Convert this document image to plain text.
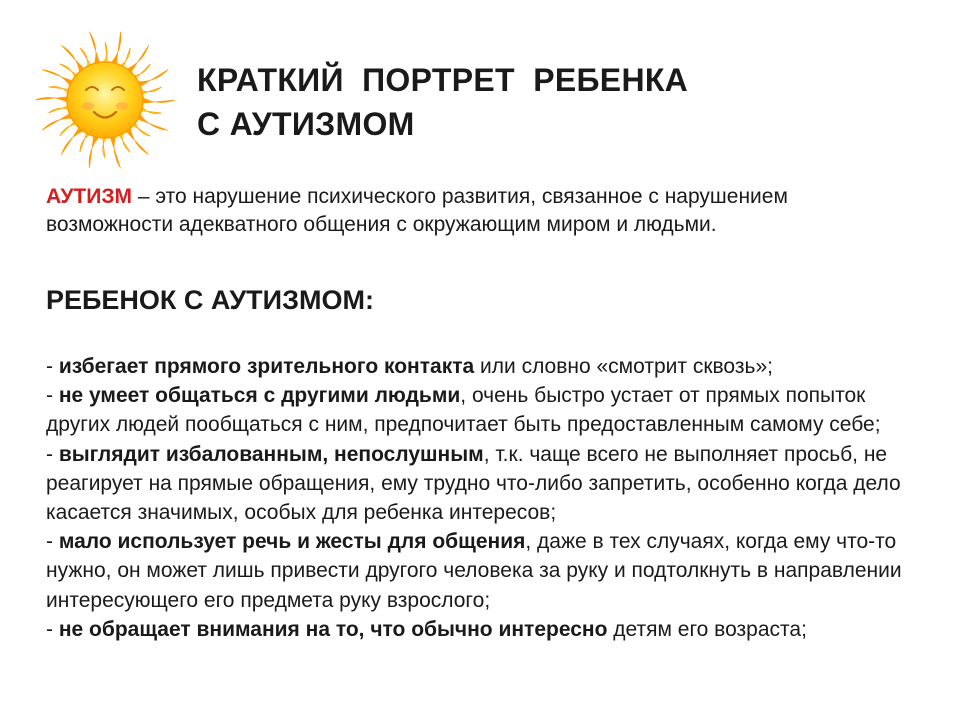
КРАТКИЙ  ПОРТРЕТ  РЕБЕНКА
С АУТИЗМОМ

АУТИЗМ – это нарушение психического развития, связанное с нарушением возможности адекватного общения с окружающим миром и людьми.

РЕБЕНОК С АУТИЗМОМ:
- избегает прямого зрительного контакта или словно «смотрит сквозь»;
- не умеет общаться с другими людьми, очень быстро устает от прямых попыток других людей пообщаться с ним, предпочитает быть предоставленным самому себе;
- выглядит избалованным, непослушным, т.к. чаще всего не выполняет просьб, не реагирует на прямые обращения, ему трудно что-либо запретить, особенно когда дело касается значимых, особых для ребенка интересов;
- мало использует речь и жесты для общения, даже в тех случаях, когда ему что-то нужно, он может лишь привести другого человека за руку и подтолкнуть в направлении интересующего его предмета руку взрослого;
- не обращает внимания на то, что обычно интересно детям его возраста;
